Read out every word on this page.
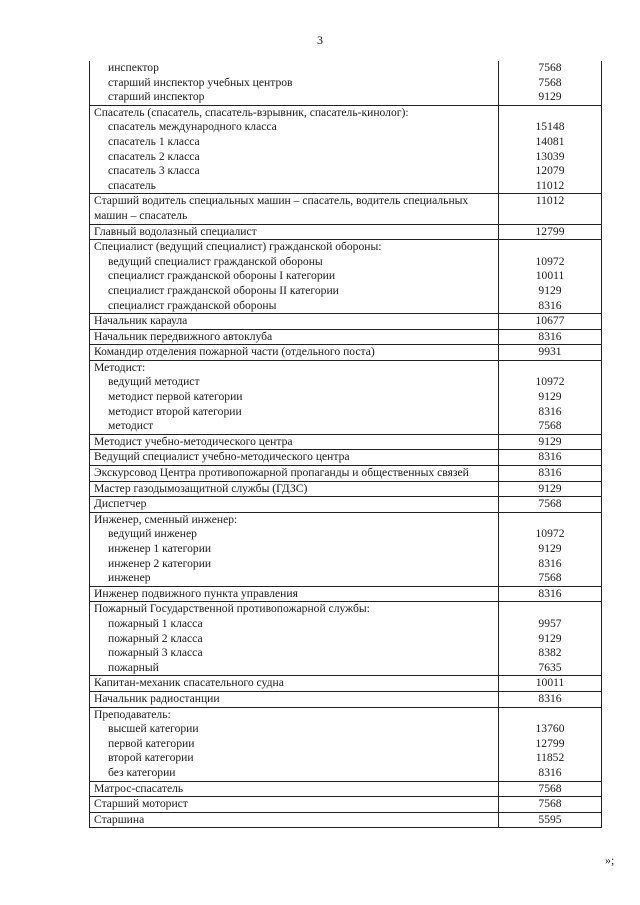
3
инспектор	7568
старший инспектор учебных центров	7568
старший инспектор	9129
Спасатель (спасатель, спасатель-взрывник, спасатель-кинолог):	
спасатель международного класса	15148
спасатель 1 класса	14081
спасатель 2 класса	13039
спасатель 3 класса	12079
спасатель	11012
Старший водитель специальных машин – спасатель, водитель специальных машин – спасатель	11012
Главный водолазный специалист	12799
Специалист (ведущий специалист) гражданской обороны:	
ведущий специалист гражданской обороны	10972
специалист гражданской обороны I категории	10011
специалист гражданской обороны II категории	9129
специалист гражданской обороны	8316
Начальник караула	10677
Начальник передвижного автоклуба	8316
Командир отделения пожарной части (отдельного поста)	9931
Методист:	
ведущий методист	10972
методист первой категории	9129
методист второй категории	8316
методист	7568
Методист учебно-методического центра	9129
Ведущий специалист учебно-методического центра	8316
Экскурсовод Центра противопожарной пропаганды и общественных связей	8316
Мастер газодымозащитной службы (ГДЗС)	9129
Диспетчер	7568
Инженер, сменный инженер:	
ведущий инженер	10972
инженер 1 категории	9129
инженер 2 категории	8316
инженер	7568
Инженер подвижного пункта управления	8316
Пожарный Государственной противопожарной службы:	
пожарный 1 класса	9957
пожарный 2 класса	9129
пожарный 3 класса	8382
пожарный	7635
Капитан-механик спасательного судна	10011
Начальник радиостанции	8316
Преподаватель:	
высшей категории	13760
первой категории	12799
второй категории	11852
без категории	8316
Матрос-спасатель	7568
Старший моторист	7568
Старшина	5595
»;
